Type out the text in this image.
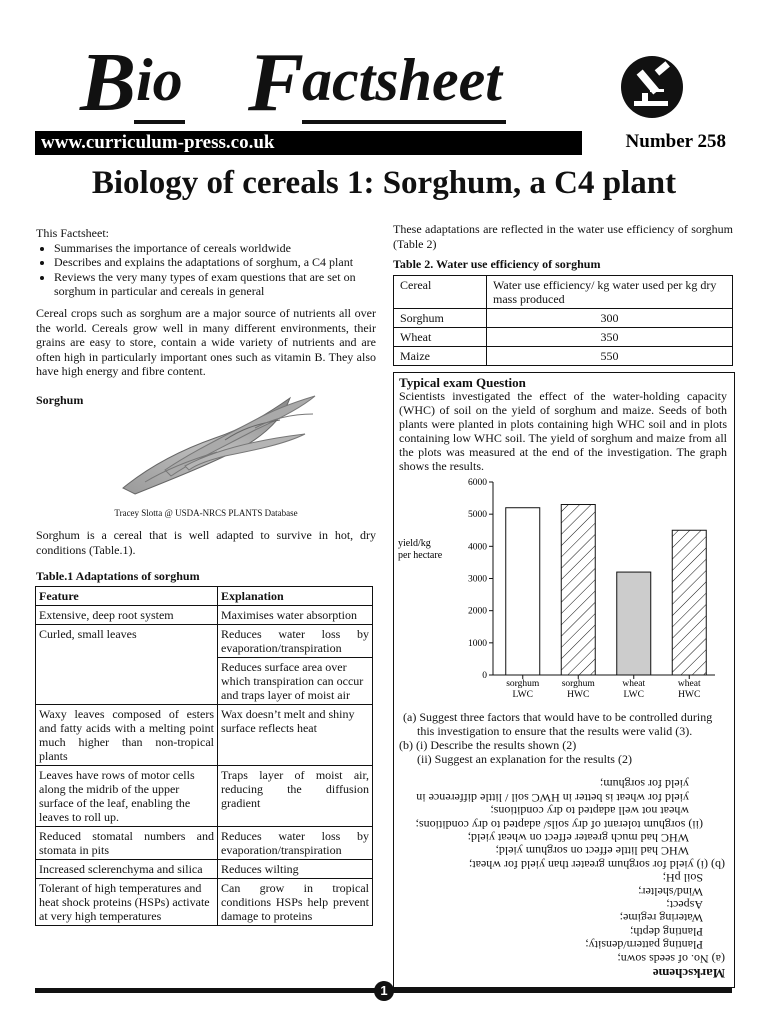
B io F
actsheet
www.curriculum-press.co.uk	Number 258
Biology of cereals 1: Sorghum, a C4 plant
This Factsheet:
• Summarises the importance of cereals worldwide
• Describes and explains the adaptations of sorghum, a C4 plant
• Reviews the very many types of exam questions that are set on sorghum in particular and cereals in general
Cereal crops such as sorghum are a major source of nutrients all over the world. Cereals grow well in many different environments, their grains are easy to store, contain a wide variety of nutrients and are often high in particularly important ones such as vitamin B. They also have high energy and fibre content.
Sorghum
Tracey Slotta @ USDA-NRCS PLANTS Database
Sorghum is a cereal that is well adapted to survive in hot, dry conditions (Table.1).
Table.1 Adaptations of sorghum
Feature	Explanation
Extensive, deep root system	Maximises water absorption
Curled, small leaves	Reduces water loss by evaporation/transpiration
	Reduces surface area over which transpiration can occur and traps layer of moist air
Waxy leaves composed of esters and fatty acids with a melting point much higher than non-tropical plants	Wax doesn’t melt and shiny surface reflects heat
Leaves have rows of motor cells along the midrib of the upper surface of the leaf, enabling the leaves to roll up.	Traps layer of moist air, reducing the diffusion gradient
Reduced stomatal numbers and stomata in pits	Reduces water loss by evaporation/transpiration
Increased sclerenchyma and silica	Reduces wilting
Tolerant of high temperatures and heat shock proteins (HSPs) activate at very high temperatures	Can grow in tropical conditions HSPs help prevent damage to proteins
These adaptations are reflected in the water use efficiency of sorghum (Table 2)
Table 2. Water use efficiency of sorghum
Cereal	Water use efficiency/ kg water used per kg dry mass produced
Sorghum	300
Wheat	350
Maize	550
Typical exam Question
Scientists investigated the effect of the water-holding capacity (WHC) of soil on the yield of sorghum and maize. Seeds of both plants were planted in plots containing high WHC soil and in plots containing low WHC soil. The yield of sorghum and maize from all the plots was measured at the end of the investigation. The graph shows the results.
0
1000
2000
3000
4000
5000
6000
yield/kg
per hectare
sorghum
LWC
sorghum
HWC
wheat
LWC
wheat
HWC
(a) Suggest three factors that would have to be controlled during this investigation to ensure that the results were valid (3).
(b) (i) Describe the results shown (2)
(ii) Suggest an explanation for the results (2)
Markscheme
(a) No. of seeds sown;
Planting pattern/density;
Planting depth;
Watering regime;
Aspect;
Wind/shelter;
Soil pH;
(b) (i) yield for sorghum greater than yield for wheat;
WHC had little effect on sorghum yield;
WHC had much greater effect on wheat yield;
(ii) sorghum tolerant of dry soils/ adapted to dry conditions;
wheat not well adapted to dry conditions;
yield for wheat is better in HWC soil / little difference in
yield for sorghum;
1
